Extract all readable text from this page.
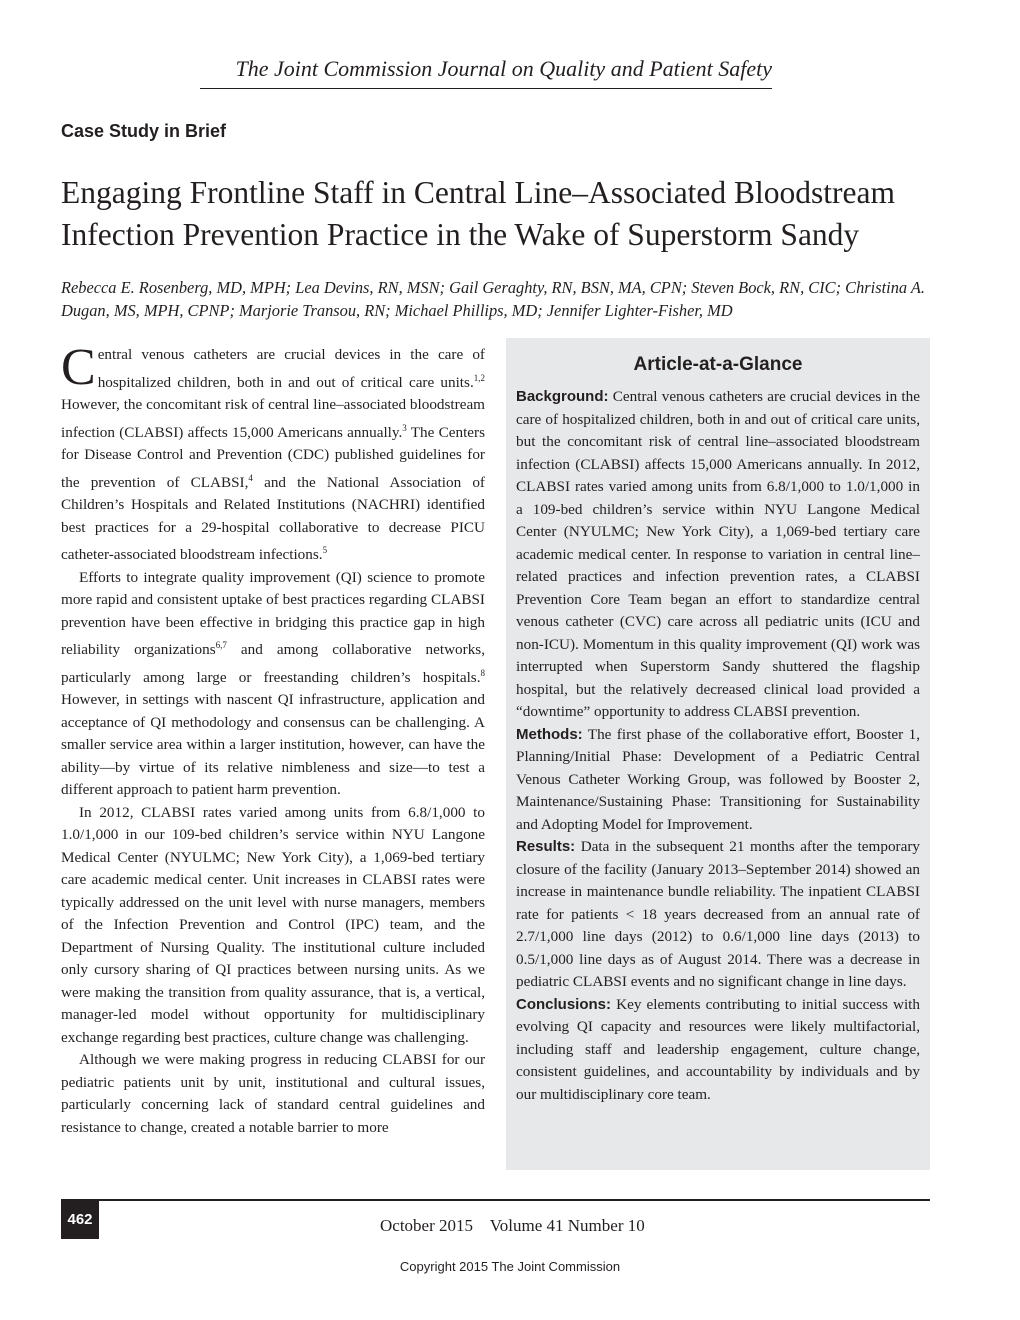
The Joint Commission Journal on Quality and Patient Safety
Case Study in Brief
Engaging Frontline Staff in Central Line–Associated Bloodstream Infection Prevention Practice in the Wake of Superstorm Sandy
Rebecca E. Rosenberg, MD, MPH; Lea Devins, RN, MSN; Gail Geraghty, RN, BSN, MA, CPN; Steven Bock, RN, CIC; Christina A. Dugan, MS, MPH, CPNP; Marjorie Transou, RN; Michael Phillips, MD; Jennifer Lighter-Fisher, MD

Central venous catheters are crucial devices in the care of hospitalized children, both in and out of critical care units.$^{1,2}$ However, the concomitant risk of central line–associated bloodstream infection (CLABSI) affects 15,000 Americans annually.$^3$ The Centers for Disease Control and Prevention (CDC) published guidelines for the prevention of CLABSI,$^4$ and the National Association of Children’s Hospitals and Related Institutions (NACHRI) identified best practices for a 29-hospital collaborative to decrease PICU catheter-associated bloodstream infections.$^5$

Efforts to integrate quality improvement (QI) science to promote more rapid and consistent uptake of best practices regarding CLABSI prevention have been effective in bridging this practice gap in high reliability organizations$^{6,7}$ and among collaborative networks, particularly among large or freestanding children’s hospitals.$^8$ However, in settings with nascent QI infrastructure, application and acceptance of QI methodology and consensus can be challenging. A smaller service area within a larger institution, however, can have the ability—by virtue of its relative nimbleness and size—to test a different approach to patient harm prevention.

In 2012, CLABSI rates varied among units from 6.8/1,000 to 1.0/1,000 in our 109-bed children’s service within NYU Langone Medical Center (NYULMC; New York City), a 1,069-bed tertiary care academic medical center. Unit increases in CLABSI rates were typically addressed on the unit level with nurse managers, members of the Infection Prevention and Control (IPC) team, and the Department of Nursing Quality. The institutional culture included only cursory sharing of QI practices between nursing units. As we were making the transition from quality assurance, that is, a vertical, manager-led model without opportunity for multidisciplinary exchange regarding best practices, culture change was challenging.

Although we were making progress in reducing CLABSI for our pediatric patients unit by unit, institutional and cultural issues, particularly concerning lack of standard central guidelines and resistance to change, created a notable barrier to more

Article-at-a-Glance

Background: Central venous catheters are crucial devices in the care of hospitalized children, both in and out of critical care units, but the concomitant risk of central line–associated bloodstream infection (CLABSI) affects 15,000 Americans annually. In 2012, CLABSI rates varied among units from 6.8/1,000 to 1.0/1,000 in a 109-bed children’s service within NYU Langone Medical Center (NYULMC; New York City), a 1,069-bed tertiary care academic medical center. In response to variation in central line–related practices and infection prevention rates, a CLABSI Prevention Core Team began an effort to standardize central venous catheter (CVC) care across all pediatric units (ICU and non-ICU). Momentum in this quality improvement (QI) work was interrupted when Superstorm Sandy shuttered the flagship hospital, but the relatively decreased clinical load provided a “downtime” opportunity to address CLABSI prevention.

Methods: The first phase of the collaborative effort, Booster 1, Planning/Initial Phase: Development of a Pediatric Central Venous Catheter Working Group, was followed by Booster 2, Maintenance/Sustaining Phase: Transitioning for Sustainability and Adopting Model for Improvement.

Results: Data in the subsequent 21 months after the temporary closure of the facility (January 2013–September 2014) showed an increase in maintenance bundle reliability. The inpatient CLABSI rate for patients < 18 years decreased from an annual rate of 2.7/1,000 line days (2012) to 0.6/1,000 line days (2013) to 0.5/1,000 line days as of August 2014. There was a decrease in pediatric CLABSI events and no significant change in line days.

Conclusions: Key elements contributing to initial success with evolving QI capacity and resources were likely multifactorial, including staff and leadership engagement, culture change, consistent guidelines, and accountability by individuals and by our multidisciplinary core team.

462	October 2015    Volume 41 Number 10
Copyright 2015 The Joint Commission
